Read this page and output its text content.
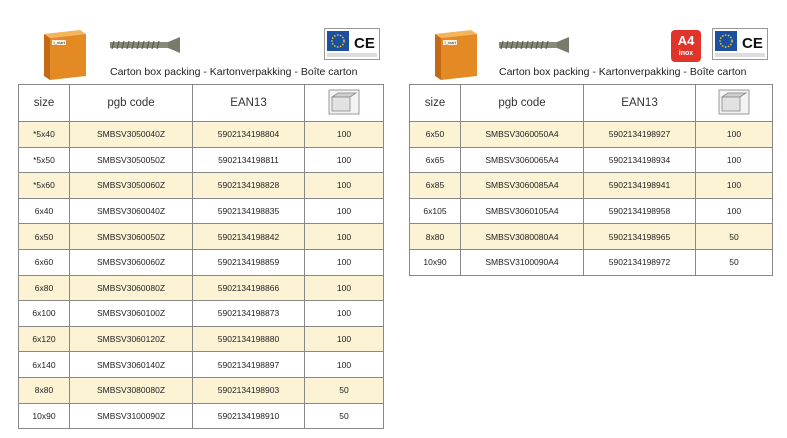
I_mart	CE
Carton box packing - Kartonverpakking - Boîte carton
size	pgb code	EAN13	
*5x40	SMBSV3050040Z	5902134198804	100
*5x50	SMBSV3050050Z	5902134198811	100
*5x60	SMBSV3050060Z	5902134198828	100
6x40	SMBSV3060040Z	5902134198835	100
6x50	SMBSV3060050Z	5902134198842	100
6x60	SMBSV3060060Z	5902134198859	100
6x80	SMBSV3060080Z	5902134198866	100
6x100	SMBSV3060100Z	5902134198873	100
6x120	SMBSV3060120Z	5902134198880	100
6x140	SMBSV3060140Z	5902134198897	100
8x80	SMBSV3080080Z	5902134198903	50
10x90	SMBSV3100090Z	5902134198910	50
I_mart	A4
inox
CE
Carton box packing - Kartonverpakking - Boîte carton
size	pgb code	EAN13	
6x50	SMBSV3060050A4	5902134198927	100
6x65	SMBSV3060065A4	5902134198934	100
6x85	SMBSV3060085A4	5902134198941	100
6x105	SMBSV3060105A4	5902134198958	100
8x80	SMBSV3080080A4	5902134198965	50
10x90	SMBSV3100090A4	5902134198972	50
